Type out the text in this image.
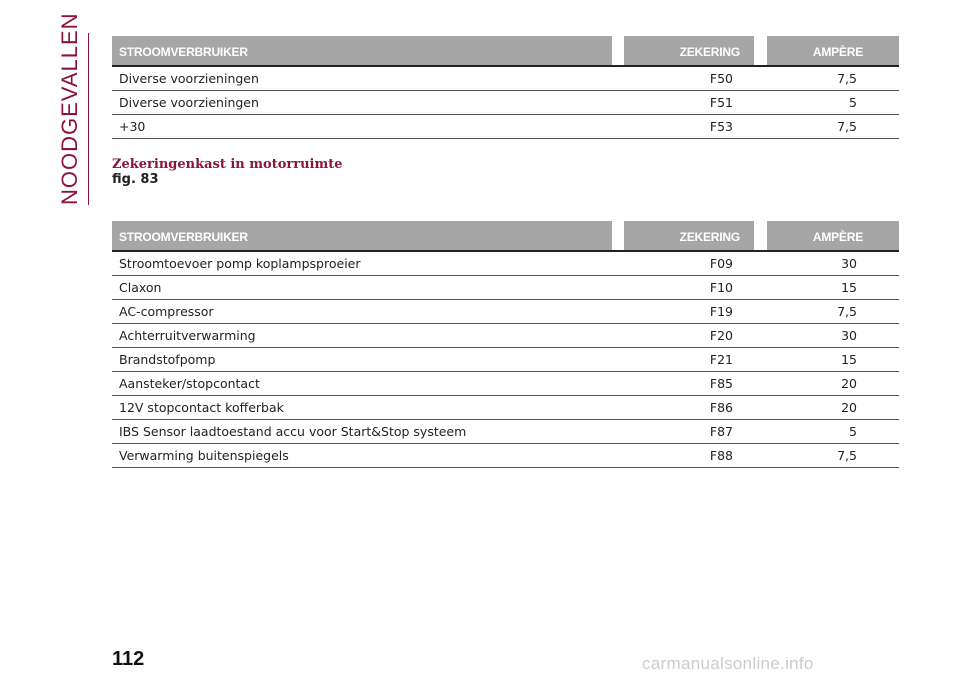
NOODGEVALLEN	STROOMVERBRUIKER		ZEKERING		AMPÈRE
Diverse voorzieningen		F50		7,5
Diverse voorzieningen		F51		5
+30		F53		7,5
Zekeringenkast in motorruimte
fig. 83
STROOMVERBRUIKER		ZEKERING		AMPÈRE
Stroomtoevoer pomp koplampsproeier		F09		30
Claxon		F10		15
AC-compressor		F19		7,5
Achterruitverwarming		F20		30
Brandstofpomp		F21		15
Aansteker/stopcontact		F85		20
12V stopcontact kofferbak		F86		20
IBS Sensor laadtoestand accu voor Start&Stop systeem		F87		5
Verwarming buitenspiegels		F88		7,5
112	carmanualsonline.info
